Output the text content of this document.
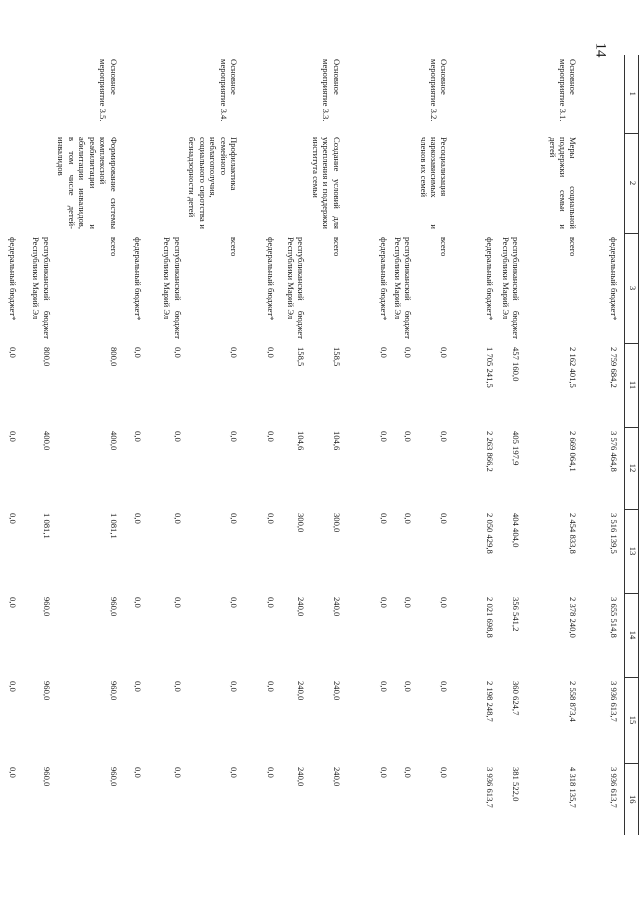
14
1	2	3	11	12	13	14	15	16
		федеральный бюджет*	2 759 684,2	3 576 464,8	3 516 139,5	3 655 514,8	3 936 613,7	3 936 613,7
Основное мероприятие 3.1.	Меры социальной поддержки семьи и детей	всего	2 162 401,5	2 669 064,1	2 454 833,8	2 378 240,0	2 558 873,4	4 318 135,7
		республиканский бюджет Республики Марий Эл	457 160,0	405 197,9	404 404,0	356 541,2	360 624,7	381 522,0
		федеральный бюджет*	1 705 241,5	2 263 866,2	2 050 429,8	2 021 698,8	2 198 248,7	3 936 613,7
Основное мероприятие 3.2.	Ресоциализация наркозависимых и членов их семей	всего	0,0	0,0	0,0	0,0	0,0	0,0
		республиканский бюджет Республики Марий Эл	0,0	0,0	0,0	0,0	0,0	0,0
		федеральный бюджет*	0,0	0,0	0,0	0,0	0,0	0,0
Основное мероприятие 3.3.	Создание условий для укрепления и поддержки института семьи	всего	158,5	104,6	300,0	240,0	240,0	240,0
		республиканский бюджет Республики Марий Эл	158,5	104,6	300,0	240,0	240,0	240,0
		федеральный бюджет*	0,0	0,0	0,0	0,0	0,0	0,0
Основное мероприятие 3.4.	Профилактика семейного неблагополучия, социального сиротства и безнадзорности детей	всего	0,0	0,0	0,0	0,0	0,0	0,0
		республиканский бюджет Республики Марий Эл	0,0	0,0	0,0	0,0	0,0	0,0
		федеральный бюджет*	0,0	0,0	0,0	0,0	0,0	0,0
Основное мероприятие 3.5.	Формирование системы комплексной реабилитации и абилитации инвалидов, в том числе детей-инвалидов	всего	800,0	400,0	1 081,1	960,0	960,0	960,0
		республиканский бюджет Республики Марий Эл	800,0	400,0	1 081,1	960,0	960,0	960,0
		федеральный бюджет*	0,0	0,0	0,0	0,0	0,0	0,0
